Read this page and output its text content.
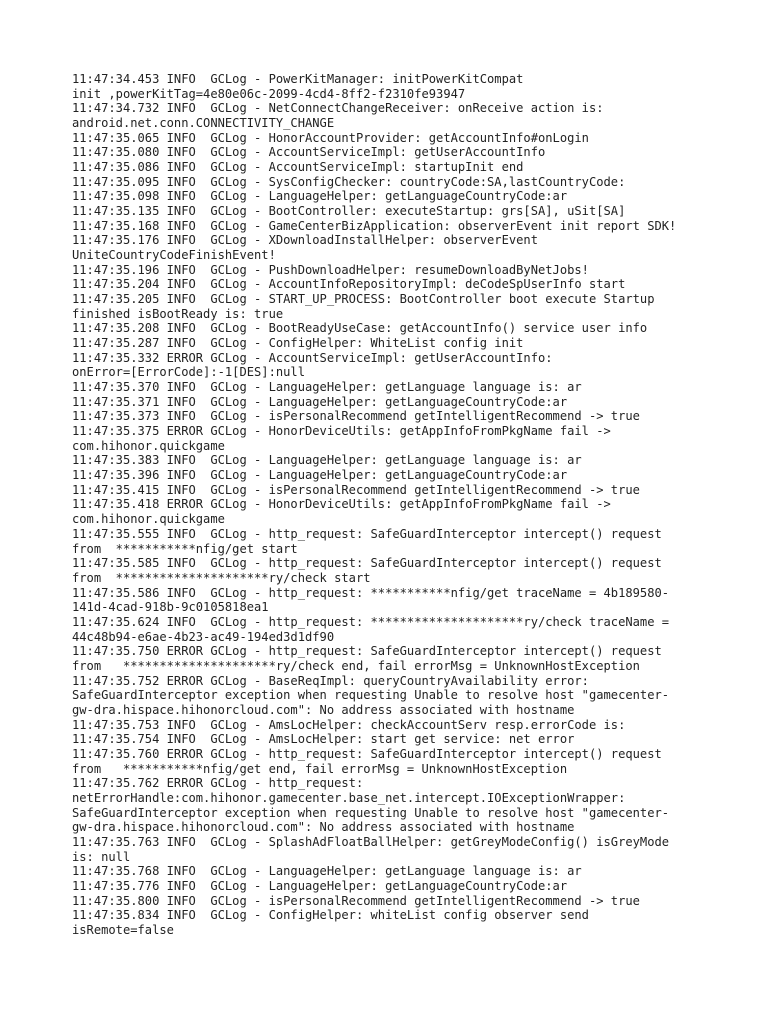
11:47:34.453 INFO  GCLog - PowerKitManager: initPowerKitCompat
init ,powerKitTag=4e80e06c-2099-4cd4-8ff2-f2310fe93947
11:47:34.732 INFO  GCLog - NetConnectChangeReceiver: onReceive action is:
android.net.conn.CONNECTIVITY_CHANGE
11:47:35.065 INFO  GCLog - HonorAccountProvider: getAccountInfo#onLogin
11:47:35.080 INFO  GCLog - AccountServiceImpl: getUserAccountInfo
11:47:35.086 INFO  GCLog - AccountServiceImpl: startupInit end
11:47:35.095 INFO  GCLog - SysConfigChecker: countryCode:SA,lastCountryCode:
11:47:35.098 INFO  GCLog - LanguageHelper: getLanguageCountryCode:ar
11:47:35.135 INFO  GCLog - BootController: executeStartup: grs[SA], uSit[SA]
11:47:35.168 INFO  GCLog - GameCenterBizApplication: observerEvent init report SDK!
11:47:35.176 INFO  GCLog - XDownloadInstallHelper: observerEvent
UniteCountryCodeFinishEvent!
11:47:35.196 INFO  GCLog - PushDownloadHelper: resumeDownloadByNetJobs!
11:47:35.204 INFO  GCLog - AccountInfoRepositoryImpl: deCodeSpUserInfo start
11:47:35.205 INFO  GCLog - START_UP_PROCESS: BootController boot execute Startup
finished isBootReady is: true
11:47:35.208 INFO  GCLog - BootReadyUseCase: getAccountInfo() service user info
11:47:35.287 INFO  GCLog - ConfigHelper: WhiteList config init
11:47:35.332 ERROR GCLog - AccountServiceImpl: getUserAccountInfo:
onError=[ErrorCode]:-1[DES]:null
11:47:35.370 INFO  GCLog - LanguageHelper: getLanguage language is: ar
11:47:35.371 INFO  GCLog - LanguageHelper: getLanguageCountryCode:ar
11:47:35.373 INFO  GCLog - isPersonalRecommend getIntelligentRecommend -> true
11:47:35.375 ERROR GCLog - HonorDeviceUtils: getAppInfoFromPkgName fail ->
com.hihonor.quickgame
11:47:35.383 INFO  GCLog - LanguageHelper: getLanguage language is: ar
11:47:35.396 INFO  GCLog - LanguageHelper: getLanguageCountryCode:ar
11:47:35.415 INFO  GCLog - isPersonalRecommend getIntelligentRecommend -> true
11:47:35.418 ERROR GCLog - HonorDeviceUtils: getAppInfoFromPkgName fail ->
com.hihonor.quickgame
11:47:35.555 INFO  GCLog - http_request: SafeGuardInterceptor intercept() request
from  ***********nfig/get start
11:47:35.585 INFO  GCLog - http_request: SafeGuardInterceptor intercept() request
from  *********************ry/check start
11:47:35.586 INFO  GCLog - http_request: ***********nfig/get traceName = 4b189580-
141d-4cad-918b-9c0105818ea1
11:47:35.624 INFO  GCLog - http_request: *********************ry/check traceName =
44c48b94-e6ae-4b23-ac49-194ed3d1df90
11:47:35.750 ERROR GCLog - http_request: SafeGuardInterceptor intercept() request
from   *********************ry/check end, fail errorMsg = UnknownHostException
11:47:35.752 ERROR GCLog - BaseReqImpl: queryCountryAvailability error:
SafeGuardInterceptor exception when requesting Unable to resolve host "gamecenter-
gw-dra.hispace.hihonorcloud.com": No address associated with hostname
11:47:35.753 INFO  GCLog - AmsLocHelper: checkAccountServ resp.errorCode is:
11:47:35.754 INFO  GCLog - AmsLocHelper: start get service: net error
11:47:35.760 ERROR GCLog - http_request: SafeGuardInterceptor intercept() request
from   ***********nfig/get end, fail errorMsg = UnknownHostException
11:47:35.762 ERROR GCLog - http_request:
netErrorHandle:com.hihonor.gamecenter.base_net.intercept.IOExceptionWrapper:
SafeGuardInterceptor exception when requesting Unable to resolve host "gamecenter-
gw-dra.hispace.hihonorcloud.com": No address associated with hostname
11:47:35.763 INFO  GCLog - SplashAdFloatBallHelper: getGreyModeConfig() isGreyMode
is: null
11:47:35.768 INFO  GCLog - LanguageHelper: getLanguage language is: ar
11:47:35.776 INFO  GCLog - LanguageHelper: getLanguageCountryCode:ar
11:47:35.800 INFO  GCLog - isPersonalRecommend getIntelligentRecommend -> true
11:47:35.834 INFO  GCLog - ConfigHelper: whiteList config observer send
isRemote=false
